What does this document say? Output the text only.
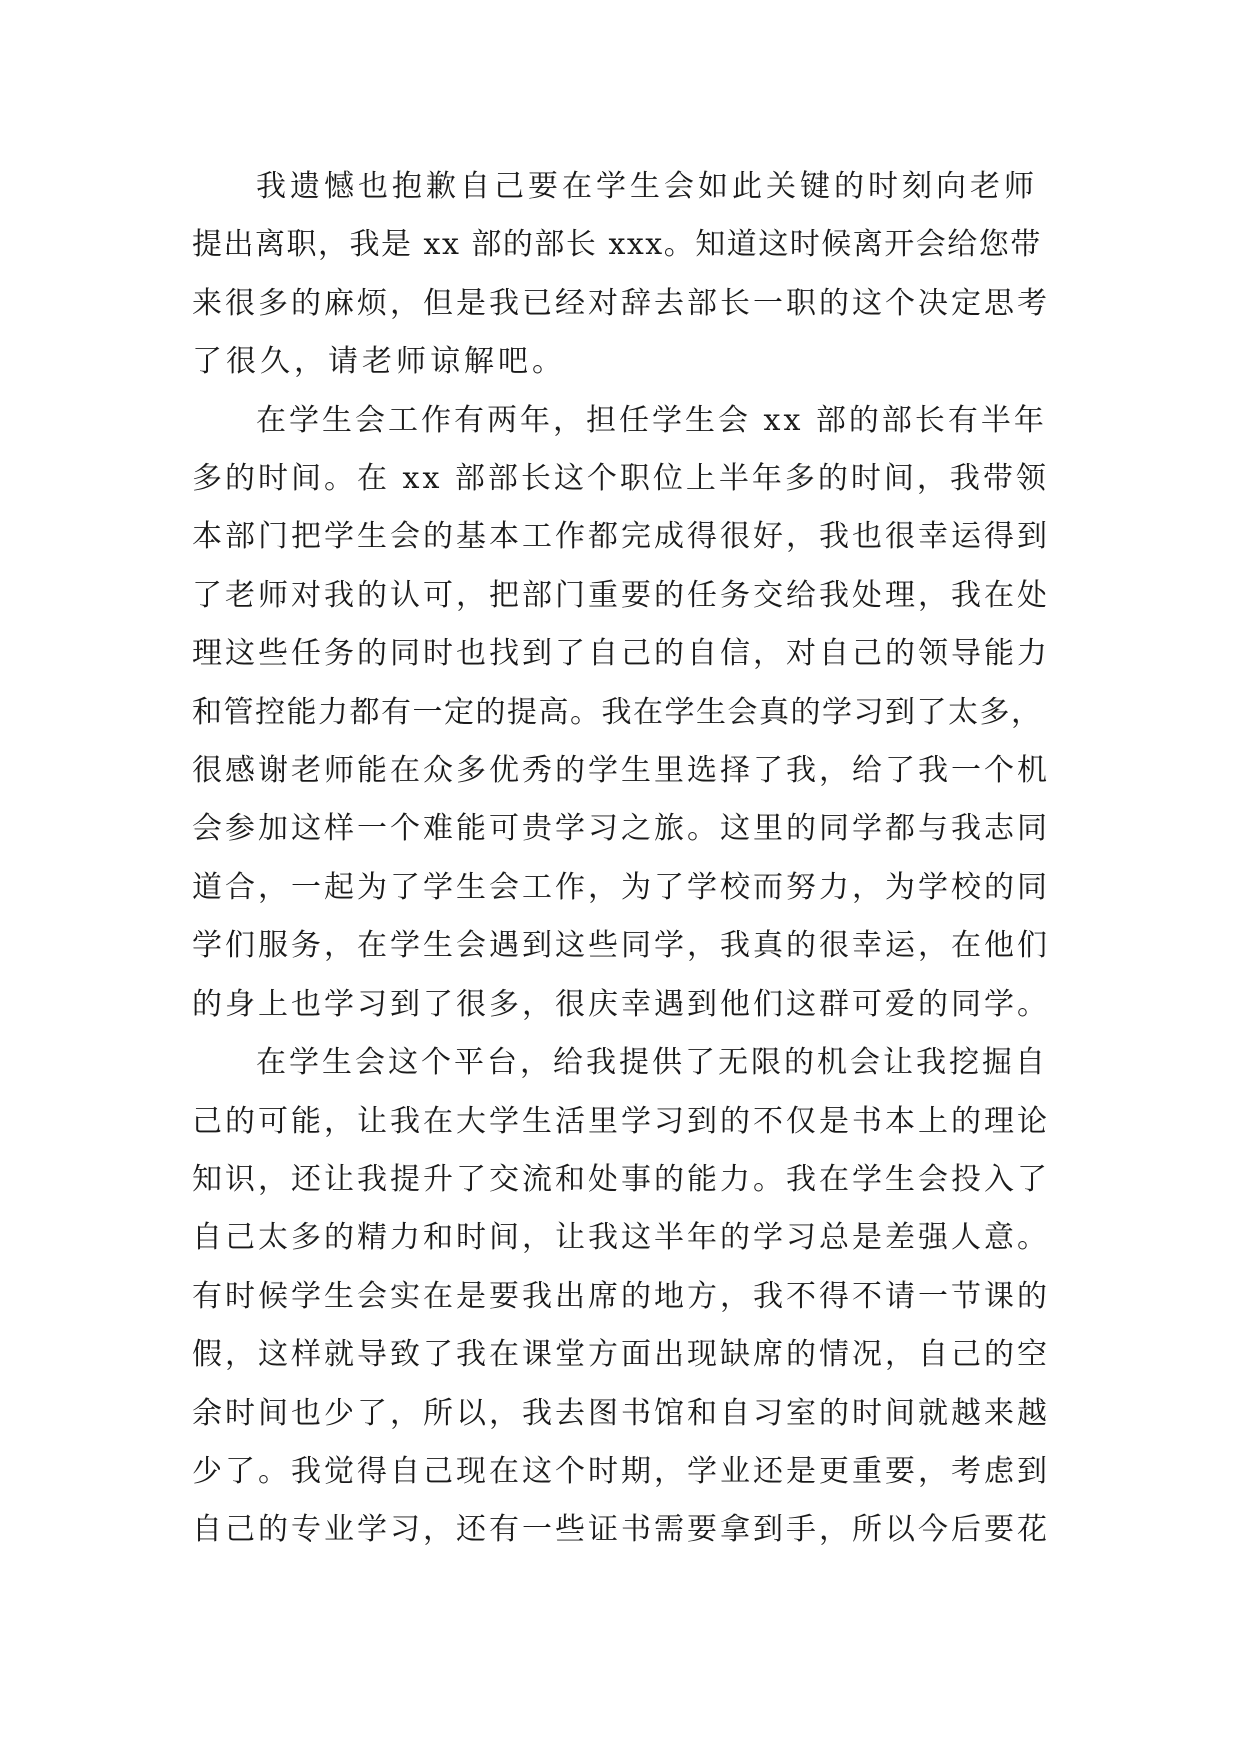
我遗憾也抱歉自己要在学生会如此关键的时刻向老师
提出离职，我是 xx 部的部长 xxx。知道这时候离开会给您带
来很多的麻烦，但是我已经对辞去部长一职的这个决定思考
了很久，请老师谅解吧。
在学生会工作有两年，担任学生会 xx 部的部长有半年
多的时间。在 xx 部部长这个职位上半年多的时间，我带领
本部门把学生会的基本工作都完成得很好，我也很幸运得到
了老师对我的认可，把部门重要的任务交给我处理，我在处
理这些任务的同时也找到了自己的自信，对自己的领导能力
和管控能力都有一定的提高。我在学生会真的学习到了太多，
很感谢老师能在众多优秀的学生里选择了我，给了我一个机
会参加这样一个难能可贵学习之旅。这里的同学都与我志同
道合，一起为了学生会工作，为了学校而努力，为学校的同
学们服务，在学生会遇到这些同学，我真的很幸运，在他们
的身上也学习到了很多，很庆幸遇到他们这群可爱的同学。
在学生会这个平台，给我提供了无限的机会让我挖掘自
己的可能，让我在大学生活里学习到的不仅是书本上的理论
知识，还让我提升了交流和处事的能力。我在学生会投入了
自己太多的精力和时间，让我这半年的学习总是差强人意。
有时候学生会实在是要我出席的地方，我不得不请一节课的
假，这样就导致了我在课堂方面出现缺席的情况，自己的空
余时间也少了，所以，我去图书馆和自习室的时间就越来越
少了。我觉得自己现在这个时期，学业还是更重要，考虑到
自己的专业学习，还有一些证书需要拿到手，所以今后要花
